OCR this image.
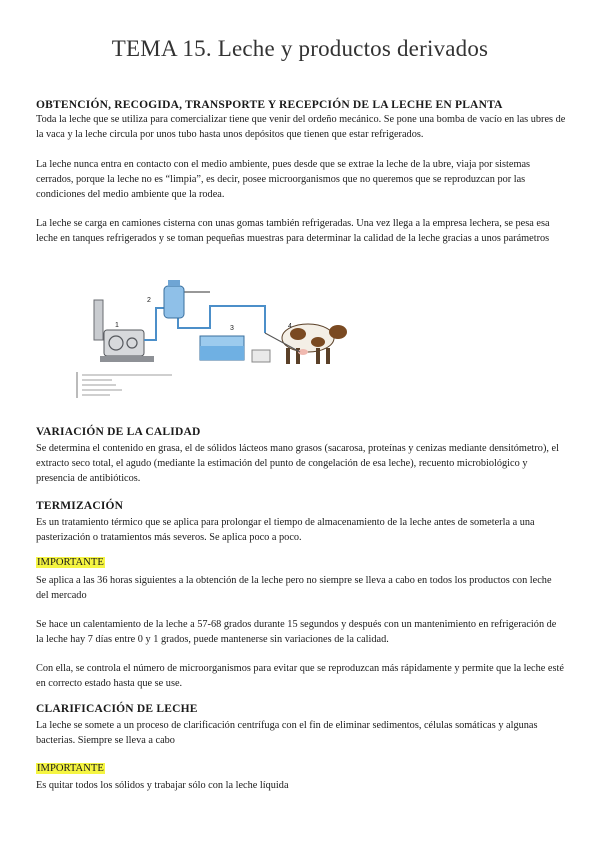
TEMA 15. Leche y productos derivados
OBTENCIÓN, RECOGIDA, TRANSPORTE Y RECEPCIÓN DE LA LECHE EN PLANTA

Toda la leche que se utiliza para comercializar tiene que venir del ordeño mecánico. Se pone una bomba de vacío en las ubres de la vaca y la leche circula por unos tubo hasta unos depósitos que tienen que estar refrigerados.

La leche nunca entra en contacto con el medio ambiente, pues desde que se extrae la leche de la ubre, viaja por sistemas cerrados, porque la leche no es “limpia”, es decir, posee microorganismos que no queremos que se reproduzcan por las condiciones del medio ambiente que la rodea.

La leche se carga en camiones cisterna con unas gomas también refrigeradas. Una vez llega a la empresa lechera, se pesa esa leche en tanques refrigerados y se toman pequeñas muestras para determinar la calidad de la leche gracias a unos parámetros

1
2
3	4
VARIACIÓN DE LA CALIDAD

Se determina el contenido en grasa, el de sólidos lácteos mano grasos (sacarosa, proteínas y cenizas mediante densitómetro), el extracto seco total, el agudo (mediante la estimación del punto de congelación de esa leche), recuento microbiológico y presencia de antibióticos.

TERMIZACIÓN

Es un tratamiento térmico que se aplica para prolongar el tiempo de almacenamiento de la leche antes de someterla a una pasterización o tratamientos más severos. Se aplica poco a poco.

IMPORTANTE

Se aplica a las 36 horas siguientes a la obtención de la leche pero no siempre se lleva a cabo en todos los productos con leche del mercado

Se hace un calentamiento de la leche a 57-68 grados durante 15 segundos y después con un mantenimiento en refrigeración de la leche hay 7 días entre 0 y 1 grados, puede mantenerse sin variaciones de la calidad.

Con ella, se controla el número de microorganismos para evitar que se reproduzcan más rápidamente y permite que la leche esté en correcto estado hasta que se use.

CLARIFICACIÓN DE LECHE

La leche se somete a un proceso de clarificación centrífuga con el fin de eliminar sedimentos, células somáticas y algunas bacterias. Siempre se lleva a cabo

IMPORTANTE

Es quitar todos los sólidos y trabajar sólo con la leche líquida
